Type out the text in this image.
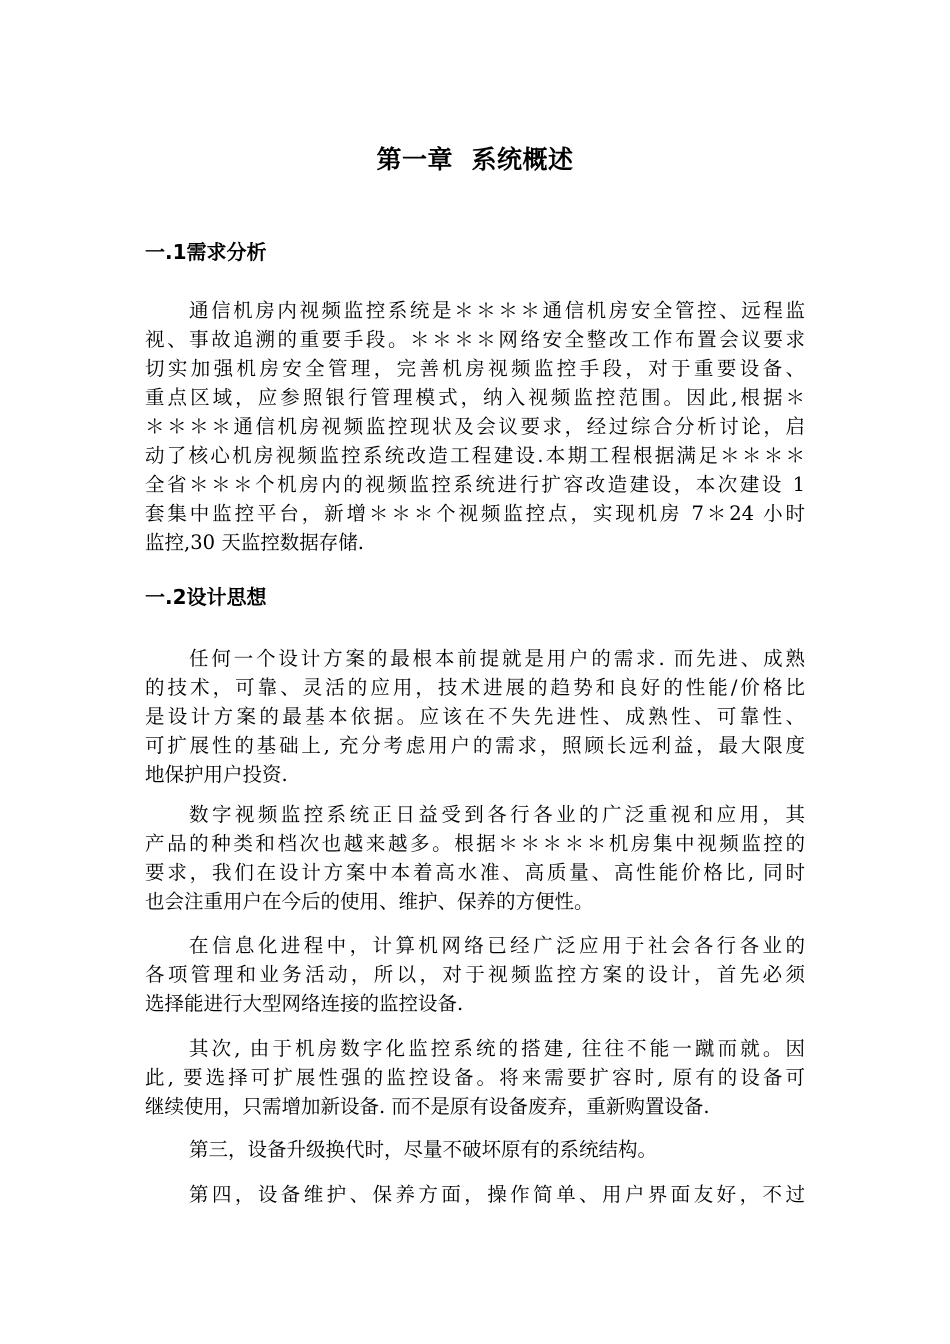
第一章  系统概述
一.1需求分析
通信机房内视频监控系统是＊＊＊＊通信机房安全管控、远程监
视、事故追溯的重要手段。＊＊＊＊网络安全整改工作布置会议要求
切实加强机房安全管理，完善机房视频监控手段，对于重要设备、
重点区域，应参照银行管理模式，纳入视频监控范围。因此,根据＊
＊＊＊＊通信机房视频监控现状及会议要求，经过综合分析讨论，启
动了核心机房视频监控系统改造工程建设.本期工程根据满足＊＊＊＊
全省＊＊＊个机房内的视频监控系统进行扩容改造建设，本次建设 1
套集中监控平台，新增＊＊＊个视频监控点，实现机房 7＊24 小时
监控,30 天监控数据存储.
一.2设计思想
任何一个设计方案的最根本前提就是用户的需求. 而先进、成熟
的技术，可靠、灵活的应用，技术进展的趋势和良好的性能/价格比
是设计方案的最基本依据。应该在不失先进性、成熟性、可靠性、
可扩展性的基础上, 充分考虑用户的需求，照顾长远利益，最大限度
地保护用户投资.
数字视频监控系统正日益受到各行各业的广泛重视和应用，其
产品的种类和档次也越来越多。根据＊＊＊＊＊机房集中视频监控的
要求，我们在设计方案中本着高水准、高质量、高性能价格比, 同时
也会注重用户在今后的使用、维护、保养的方便性。
在信息化进程中，计算机网络已经广泛应用于社会各行各业的
各项管理和业务活动，所以，对于视频监控方案的设计，首先必须
选择能进行大型网络连接的监控设备.
其次, 由于机房数字化监控系统的搭建, 往往不能一蹴而就。因
此, 要选择可扩展性强的监控设备。将来需要扩容时, 原有的设备可
继续使用，只需增加新设备. 而不是原有设备废弃，重新购置设备.
第三，设备升级换代时，尽量不破坏原有的系统结构。
第四，设备维护、保养方面，操作简单、用户界面友好，不过
